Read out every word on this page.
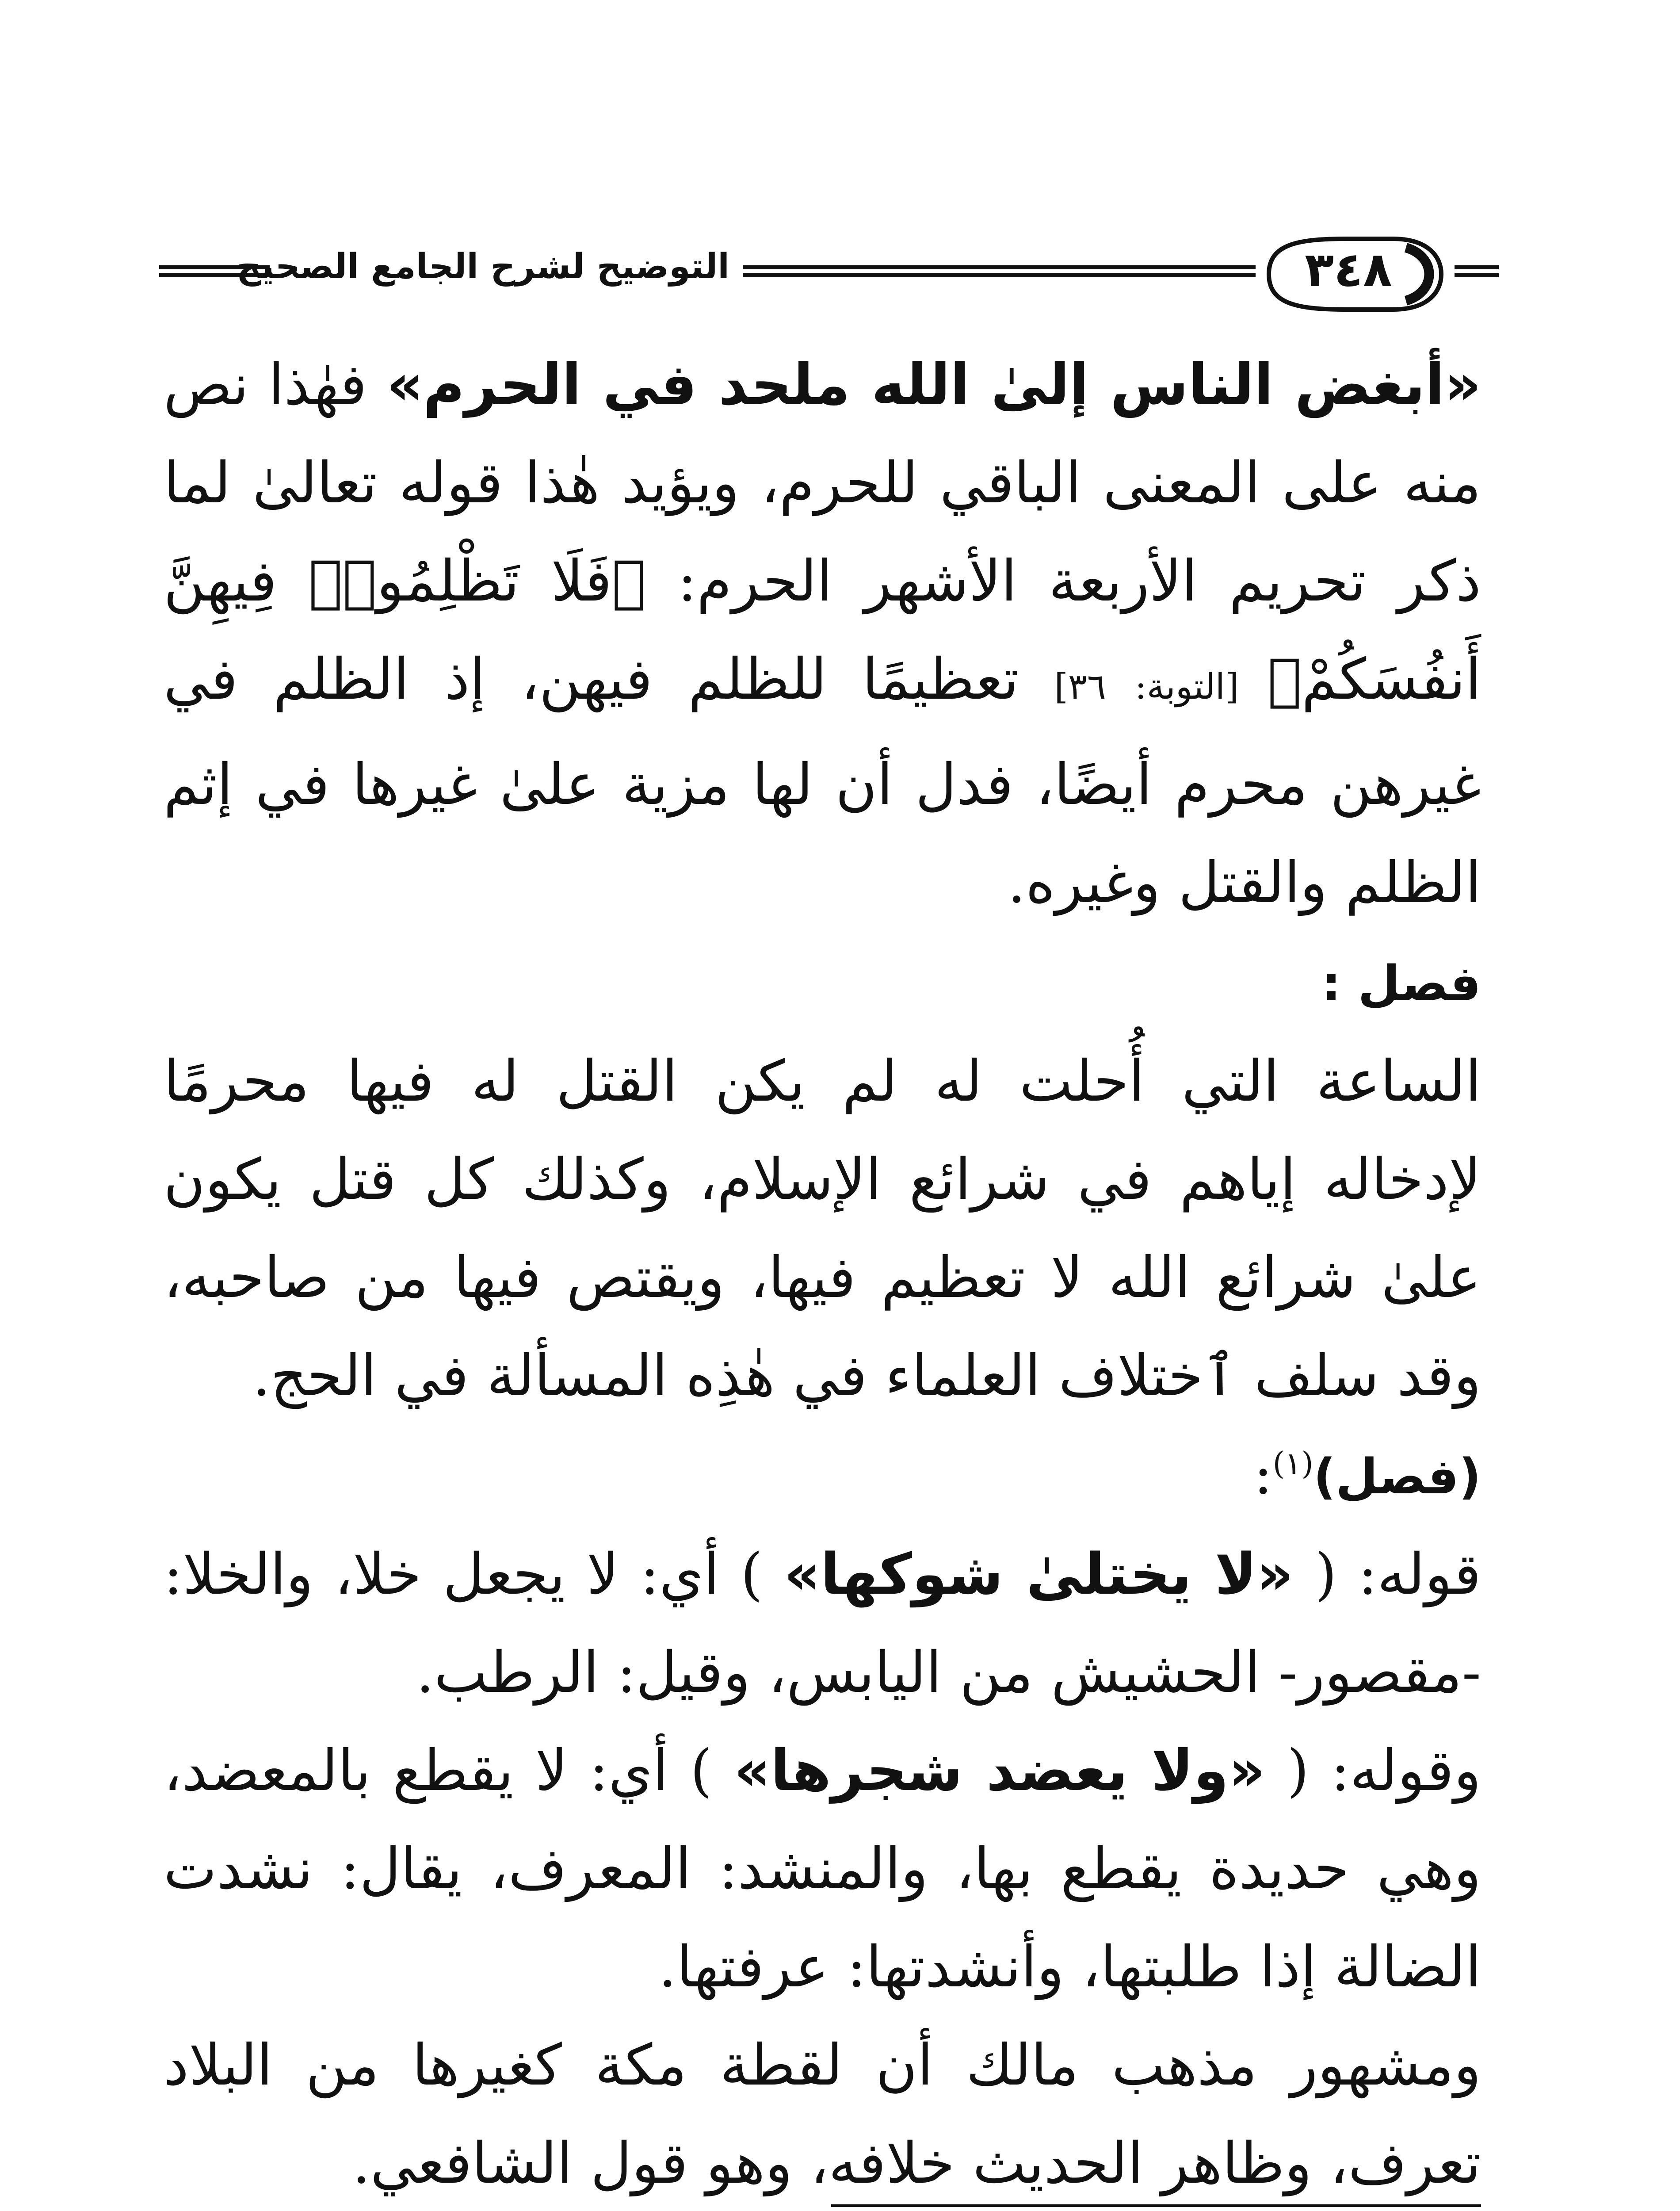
التوضيح لشرح الجامع الصحيح	٣٤٨

«أبغض الناس إلىٰ الله ملحد في الحرم» فهٰذا نص منه على المعنى الباقي للحرم، ويؤيد هٰذا قوله تعالىٰ لما ذكر تحريم الأربعة الأشهر الحرم: ﴿فَلَا تَظْلِمُوا۟ فِيهِنَّ أَنفُسَكُمْ﴾ [التوبة: ٣٦] تعظيمًا للظلم فيهن، إذ الظلم في غيرهن محرم أيضًا، فدل أن لها مزية علىٰ غيرها في إثم الظلم والقتل وغيره.

فصل :

الساعة التي أُحلت له لم يكن القتل له فيها محرمًا لإدخاله إياهم في شرائع الإسلام، وكذلك كل قتل يكون علىٰ شرائع الله لا تعظيم فيها، ويقتص فيها من صاحبه، وقد سلف ٱختلاف العلماء في هٰذِه المسألة في الحج.

(فصل)$^{(١)}$:

قوله: ( «لا يختلىٰ شوكها» ) أي: لا يجعل خلا، والخلا: -مقصور- الحشيش من اليابس، وقيل: الرطب.

وقوله: ( «ولا يعضد شجرها» ) أي: لا يقطع بالمعضد، وهي حديدة يقطع بها، والمنشد: المعرف، يقال: نشدت الضالة إذا طلبتها، وأنشدتها: عرفتها.

ومشهور مذهب مالك أن لقطة مكة كغيرها من البلاد تعرف، وظاهر الحديث خلافه، وهو قول الشافعي.
